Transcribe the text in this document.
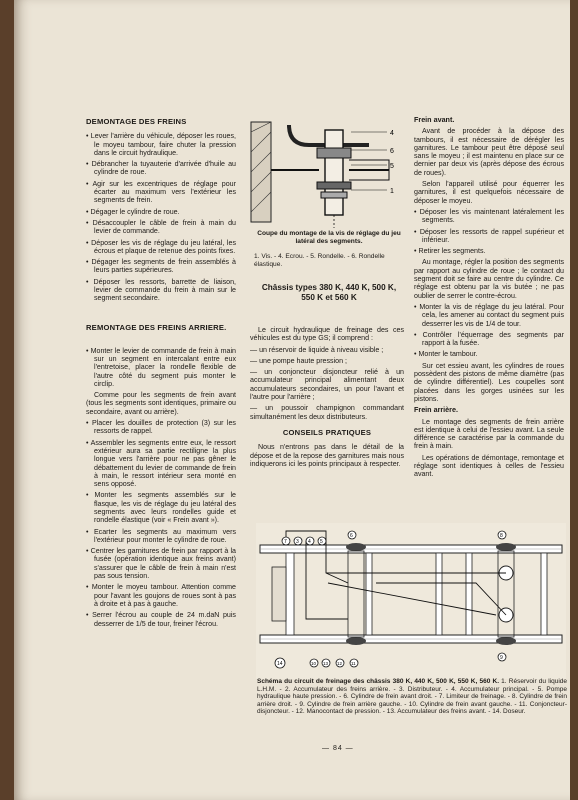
DEMONTAGE DES FREINS
• Lever l'arrière du véhicule, déposer les roues, le moyeu tambour, faire chuter la pression dans le circuit hydraulique.
• Débrancher la tuyauterie d'arrivée d'huile au cylindre de roue.
• Agir sur les excentriques de réglage pour écarter au maximum vers l'extérieur les segments de frein.
• Dégager le cylindre de roue.
• Désaccoupler le câble de frein à main du levier de commande.
• Déposer les vis de réglage du jeu latéral, les écrous et plaque de retenue des points fixes.
• Dégager les segments de frein assemblés à leurs parties supérieures.
• Déposer les ressorts, barrette de liaison, levier de commande du frein à main sur le segment secondaire.
REMONTAGE DES FREINS ARRIERE.
• Monter le levier de commande de frein à main sur un segment en intercalant entre eux l'entretoise, placer la rondelle flexible de l'autre côté du segment puis monter le circlip.
Comme pour les segments de frein avant (tous les segments sont identiques, primaire ou secondaire, avant ou arrière).
• Placer les douilles de protection (3) sur les ressorts de rappel.
• Assembler les segments entre eux, le ressort extérieur aura sa partie rectiligne la plus longue vers l'arrière pour ne pas gêner le débattement du levier de commande de frein à main, le ressort intérieur sera monté en sens opposé.
• Monter les segments assemblés sur le flasque, les vis de réglage du jeu latéral des segments avec leurs rondelles guide et rondelle élastique (voir « Frein avant »).
• Ecarter les segments au maximum vers l'extérieur pour monter le cylindre de roue.
• Centrer les garnitures de frein par rapport à la fusée (opération identique aux freins avant) s'assurer que le câble de frein à main n'est pas sous tension.
• Monter le moyeu tambour. Attention comme pour l'avant les goujons de roues sont à pas à droite et à pas à gauche.
• Serrer l'écrou au couple de 24 m.daN puis desserrer de 1/5 de tour, freiner l'écrou.
4
6
5
1
Coupe du montage de la vis de réglage du jeu latéral des segments.
1. Vis. - 4. Ecrou. - 5. Rondelle. - 6. Rondelle élastique.
Châssis types 380 K, 440 K, 500 K, 550 K et 560 K
Le circuit hydraulique de freinage des ces véhicules est du type GS; il comprend :
— un réservoir de liquide à niveau visible ;
— une pompe haute pression ;
— un conjoncteur disjoncteur relié à un accumulateur principal alimentant deux accumulateurs secondaires, un pour l'avant et l'autre pour l'arrière ;
— un poussoir champignon commandant simultanément les deux distributeurs.
CONSEILS PRATIQUES
Nous n'entrons pas dans le détail de la dépose et de la repose des garnitures mais nous indiquerons ici les points principaux à respecter.
Frein avant.
Avant de procéder à la dépose des tambours, il est nécessaire de dérégler les garnitures. Le tambour peut être déposé seul sans le moyeu ; il est maintenu en place sur ce dernier par deux vis (après dépose des écrous de roues).
Selon l'appareil utilisé pour équerrer les garnitures, il est quelquefois nécessaire de déposer le moyeu.
• Déposer les vis maintenant latéralement les segments.
• Déposer les ressorts de rappel supérieur et inférieur.
• Retirer les segments.
Au montage, régler la position des segments par rapport au cylindre de roue ; le contact du segment doit se faire au centre du cylindre. Ce réglage est obtenu par la vis butée ; ne pas oublier de serrer le contre-écrou.
• Monter la vis de réglage du jeu latéral. Pour cela, les amener au contact du segment puis desserrer les vis de 1/4 de tour.
• Contrôler l'équerrage des segments par rapport à la fusée.
• Monter le tambour.
Sur cet essieu avant, les cylindres de roues possèdent des pistons de même diamètre (pas de cylindre différentiel). Les coupelles sont placées dans les gorges usinées sur les pistons.
Frein arrière.
Le montage des segments de frein arrière est identique à celui de l'essieu avant. La seule différence se caractérise par la commande du frein à main.
Les opérations de démontage, remontage et réglage sont identiques à celles de l'essieu avant.
7 3 4 5
6
14	10 13 12 11
8
9
Schéma du circuit de freinage des châssis 380 K, 440 K, 500 K, 550 K, 560 K. 1. Réservoir du liquide L.H.M. - 2. Accumulateur des freins arrière. - 3. Distributeur. - 4. Accumulateur principal. - 5. Pompe hydraulique haute pression. - 6. Cylindre de frein avant droit. - 7. Limiteur de freinage. - 8. Cylindre de frein arrière droit. - 9. Cylindre de frein arrière gauche. - 10. Cylindre de frein avant gauche. - 11. Conjoncteur-disjoncteur. - 12. Manocontact de pression. - 13. Accumulateur des freins avant. - 14. Doseur.
— 84 —
